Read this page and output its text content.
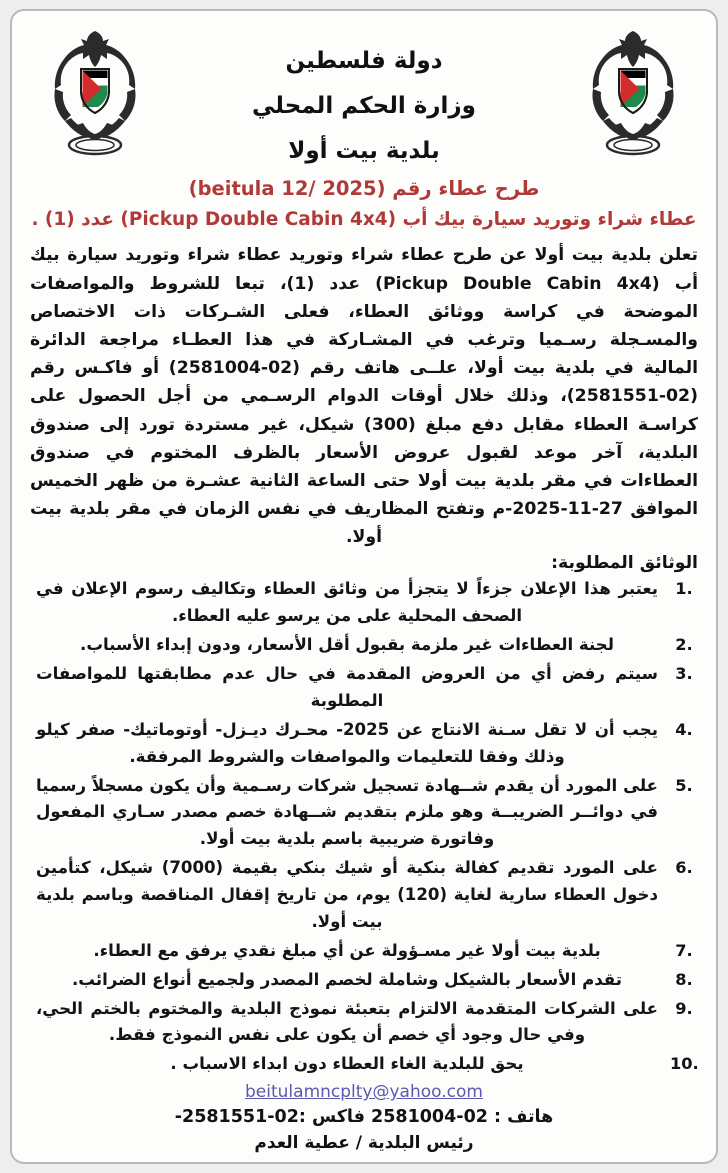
دولة فلسطين
وزارة الحكم المحلي
بلدية بيت أولا
طرح عطاء رقم (beitula 12/ 2025)
عطاء شراء وتوريد سيارة بيك أب (Pickup Double Cabin 4x4) عدد (1) .

تعلن بلدية بيت أولا عن طرح عطاء شراء وتوريد عطاء شراء وتوريد سيارة بيك أب (Pickup Double Cabin 4x4) عدد (1)، تبعا للشروط والمواصفات الموضحة في كراسة ووثائق العطاء، فعلى الشـركات ذات الاختصاص والمسـجلة رسـميا وترغب في المشـاركة في هذا العطـاء مراجعة الدائرة المالية في بلدية بيت أولا، علــى هاتف رقم (02-2581004) أو فاكـس رقم (02-2581551)، وذلك خلال أوقات الدوام الرسـمي من أجل الحصول على كراسـة العطاء مقابل دفع مبلغ (300) شيكل، غير مستردة تورد إلى صندوق البلدية، آخر موعد لقبول عروض الأسعار بالظرف المختوم في صندوق العطاءات في مقر بلدية بيت أولا حتى الساعة الثانية عشـرة من ظهر الخميس الموافق 27-11-2025-م وتفتح المظاريف في نفس الزمان في مقر بلدية بيت أولا.

الوثائق المطلوبة:
يعتبر هذا الإعلان جزءاً لا يتجزأ من وثائق العطاء وتكاليف رسوم الإعلان في الصحف المحلية على من يرسو عليه العطاء.
لجنة العطاءات غير ملزمة بقبول أقل الأسعار، ودون إبداء الأسباب.
سيتم رفض أي من العروض المقدمة في حال عدم مطابقتها للمواصفات المطلوبة
يجب أن لا تقل سـنة الانتاج عن 2025- محـرك ديـزل- أوتوماتيك- صفر كيلو وذلك وفقا للتعليمات والمواصفات والشروط المرفقة.
على المورد أن يقدم شــهادة تسجيل شركات رسـمية وأن يكون مسجلاً رسميا في دوائــر الضريبــة وهو ملزم بتقديم شــهادة خصم مصدر سـاري المفعول وفاتورة ضريبية باسم بلدية بيت أولا.
على المورد تقديم كفالة بنكية أو شيك بنكي بقيمة (7000) شيكل، كتأمين دخول العطاء سارية لغاية (120) يوم، من تاريخ إقفال المناقصة وباسم بلدية بيت أولا.
بلدية بيت أولا غير مسـؤولة عن أي مبلغ نقدي يرفق مع العطاء.
تقدم الأسعار بالشيكل وشاملة لخصم المصدر ولجميع أنواع الضرائب.
على الشركات المتقدمة الالتزام بتعبئة نموذج البلدية والمختوم بالختم الحي، وفي حال وجود أي خصم أن يكون على نفس النموذج فقط.
يحق للبلدية الغاء العطاء دون ابداء الاسباب .
beitulamncplty@yahoo.com
هاتف : 02-2581004 فاكس :02-2581551-
رئيس البلدية / عطية العدم
